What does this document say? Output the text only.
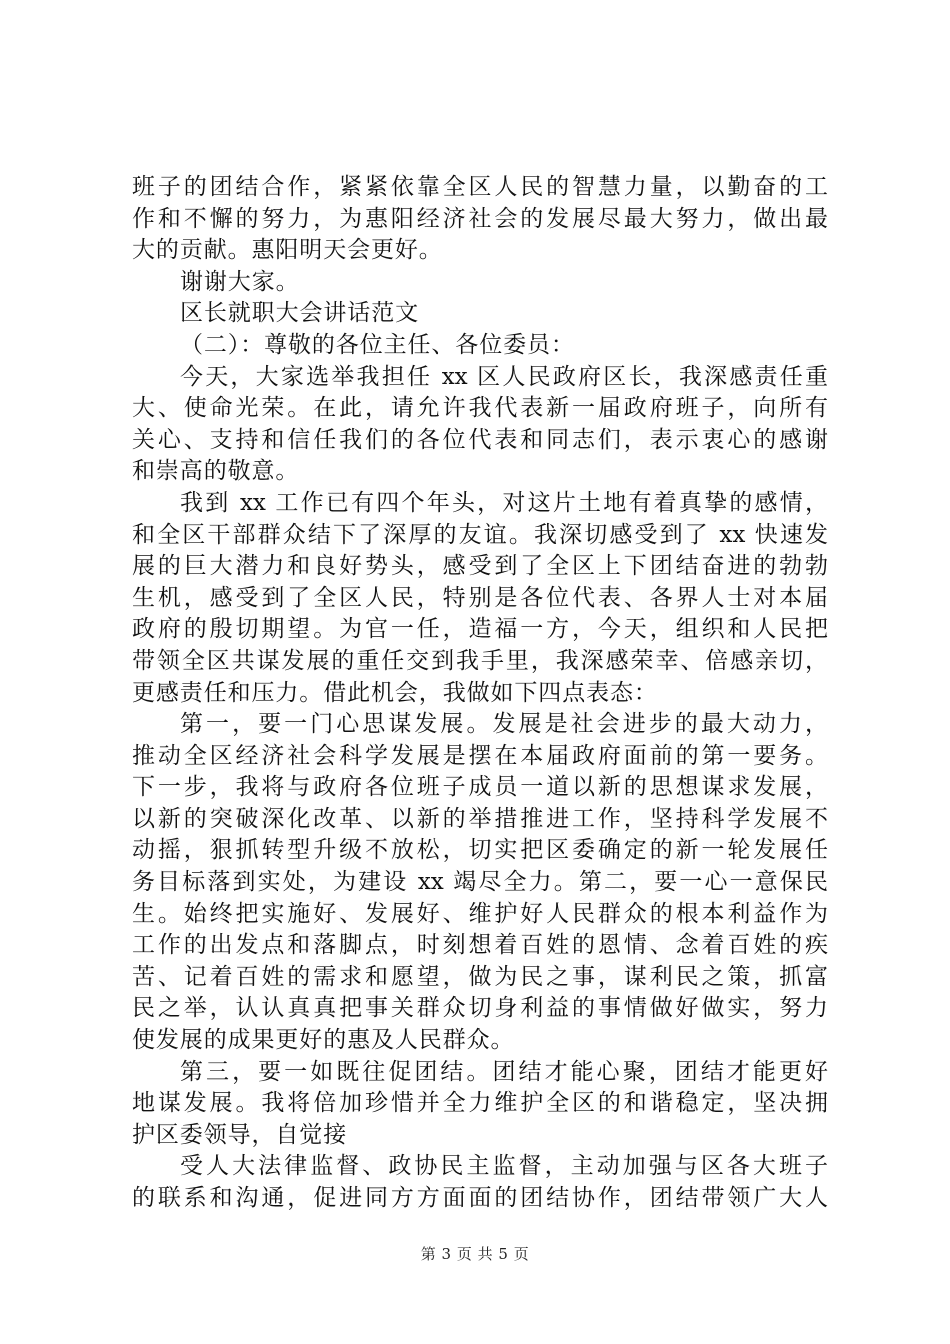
班子的团结合作，紧紧依靠全区人民的智慧力量，以勤奋的工
作和不懈的努力，为惠阳经济社会的发展尽最大努力，做出最
大的贡献。惠阳明天会更好。
谢谢大家。
区长就职大会讲话范文
（二）：尊敬的各位主任、各位委员：
今天，大家选举我担任 xx 区人民政府区长，我深感责任重
大、使命光荣。在此，请允许我代表新一届政府班子，向所有
关心、支持和信任我们的各位代表和同志们，表示衷心的感谢
和崇高的敬意。
我到 xx 工作已有四个年头，对这片土地有着真挚的感情，
和全区干部群众结下了深厚的友谊。我深切感受到了 xx 快速发
展的巨大潜力和良好势头，感受到了全区上下团结奋进的勃勃
生机，感受到了全区人民，特别是各位代表、各界人士对本届
政府的殷切期望。为官一任，造福一方，今天，组织和人民把
带领全区共谋发展的重任交到我手里，我深感荣幸、倍感亲切，
更感责任和压力。借此机会，我做如下四点表态：
第一，要一门心思谋发展。发展是社会进步的最大动力，
推动全区经济社会科学发展是摆在本届政府面前的第一要务。
下一步，我将与政府各位班子成员一道以新的思想谋求发展，
以新的突破深化改革、以新的举措推进工作，坚持科学发展不
动摇，狠抓转型升级不放松，切实把区委确定的新一轮发展任
务目标落到实处，为建设 xx 竭尽全力。第二，要一心一意保民
生。始终把实施好、发展好、维护好人民群众的根本利益作为
工作的出发点和落脚点，时刻想着百姓的恩情、念着百姓的疾
苦、记着百姓的需求和愿望，做为民之事，谋利民之策，抓富
民之举，认认真真把事关群众切身利益的事情做好做实，努力
使发展的成果更好的惠及人民群众。
第三，要一如既往促团结。团结才能心聚，团结才能更好
地谋发展。我将倍加珍惜并全力维护全区的和谐稳定，坚决拥
护区委领导，自觉接
受人大法律监督、政协民主监督，主动加强与区各大班子
的联系和沟通，促进同方方面面的团结协作，团结带领广大人
第 3 页 共 5 页
